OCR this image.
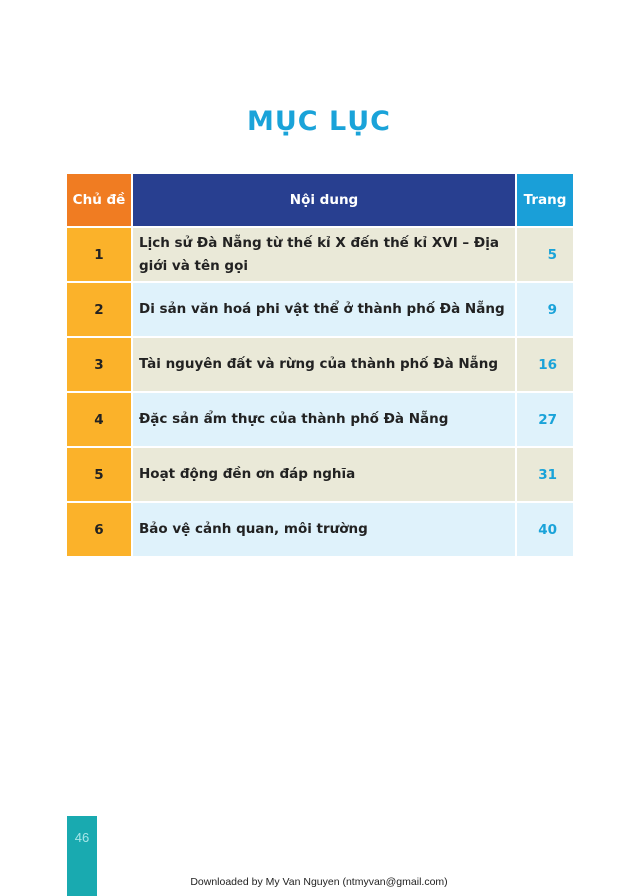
MỤC LỤC
Chủ đề	Nội dung	Trang
1	Lịch sử Đà Nẵng từ thế kỉ X đến thế kỉ XVI – Địa giới và tên gọi	5
2	Di sản văn hoá phi vật thể ở thành phố Đà Nẵng	9
3	Tài nguyên đất và rừng của thành phố Đà Nẵng	16
4	Đặc sản ẩm thực của thành phố Đà Nẵng	27
5	Hoạt động đền ơn đáp nghĩa	31
6	Bảo vệ cảnh quan, môi trường	40
46
Downloaded by My Van Nguyen (ntmyvan@gmail.com)
